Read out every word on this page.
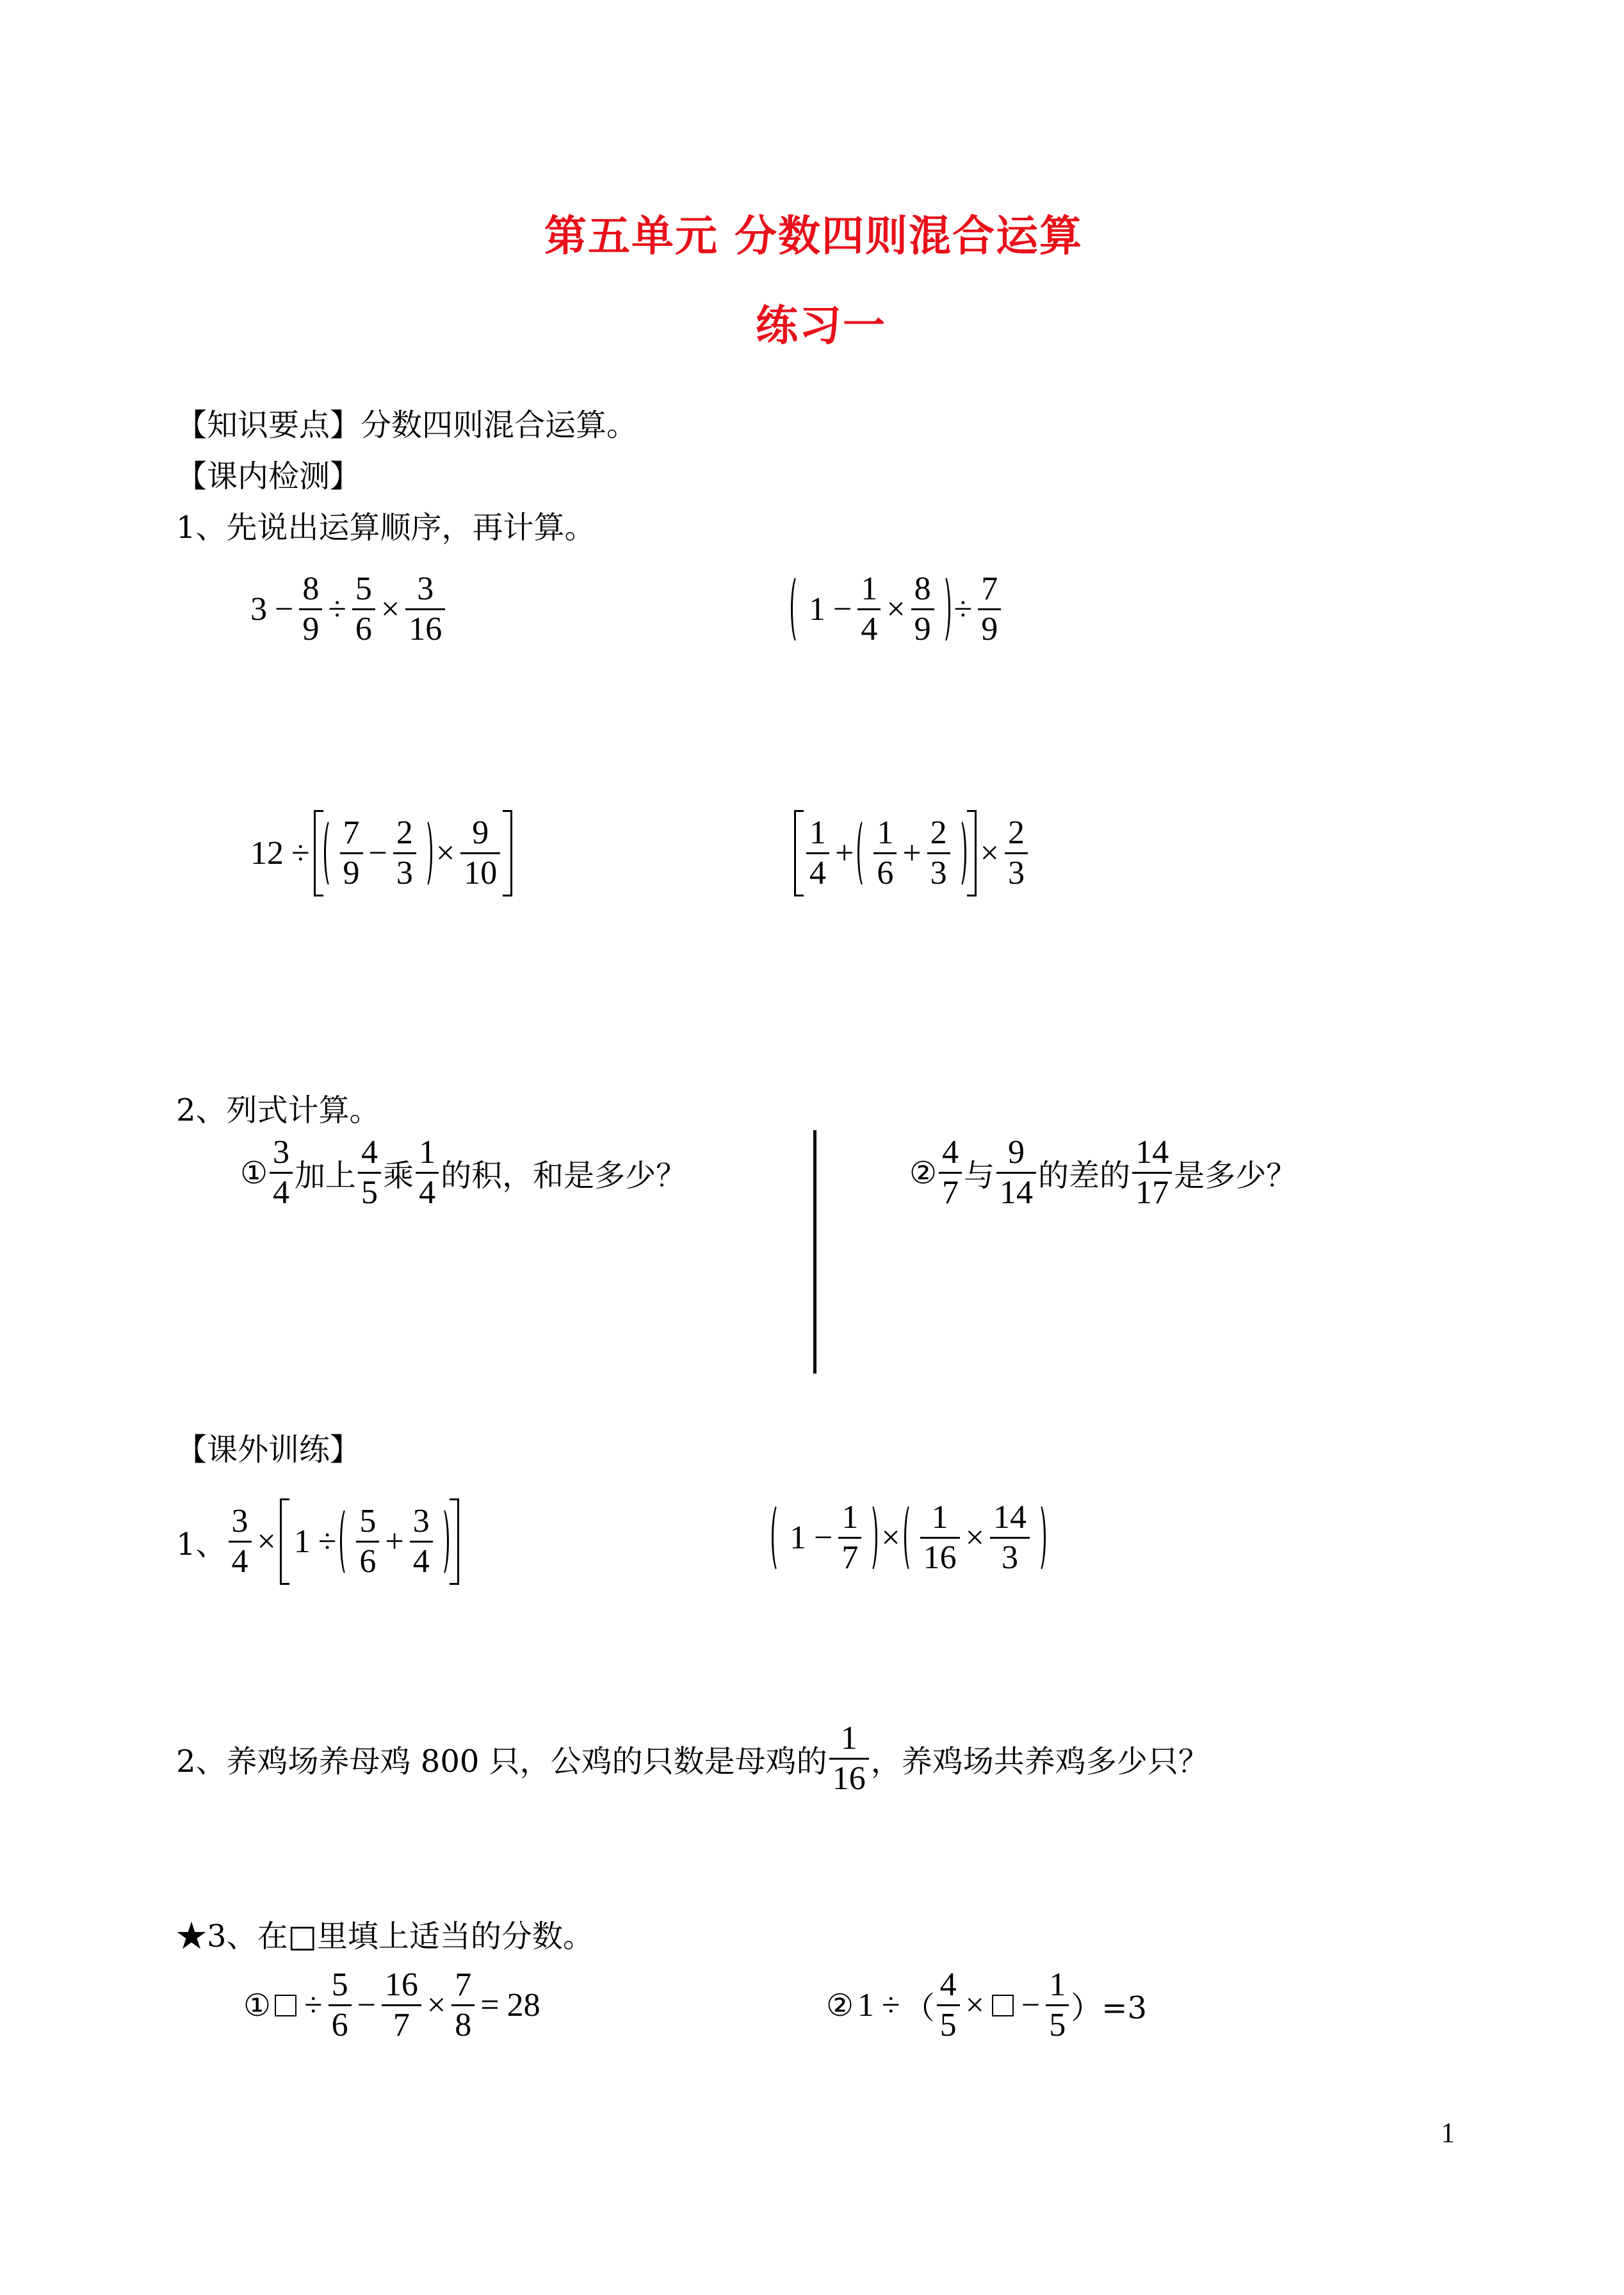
第五单元 分数四则混合运算
练习一
【知识要点】分数四则混合运算。
【课内检测】
1、先说出运算顺序，再计算。
3 −
8
9
÷
5
6
×
3
16
1 −
1
4
×
8
9
÷
7
9
12 ÷
7
9
−
2
3
×
9
10
1
4
+
1
6
+
2
3
×
2
3
2、列式计算。
①
3
4 加上
4
5 乘
1
4 的积，和是多少？	②
4
7 与
9
14 的差的
14
17 是多少？
【课外训练】
1、
3
4
× 1 ÷
5
6
+
3
4
1 −
1
7
×
1
16
×
14
3
2、养鸡场养母鸡 800 只，公鸡的只数是母鸡的
1
16 ，养鸡场共养鸡多少只？
★3、在□里填上适当的分数。
① ÷
5
6
−
16
7
×
7
8
= 28	② 1 ÷ （
4
5
× −
1
5 ）=3
1
